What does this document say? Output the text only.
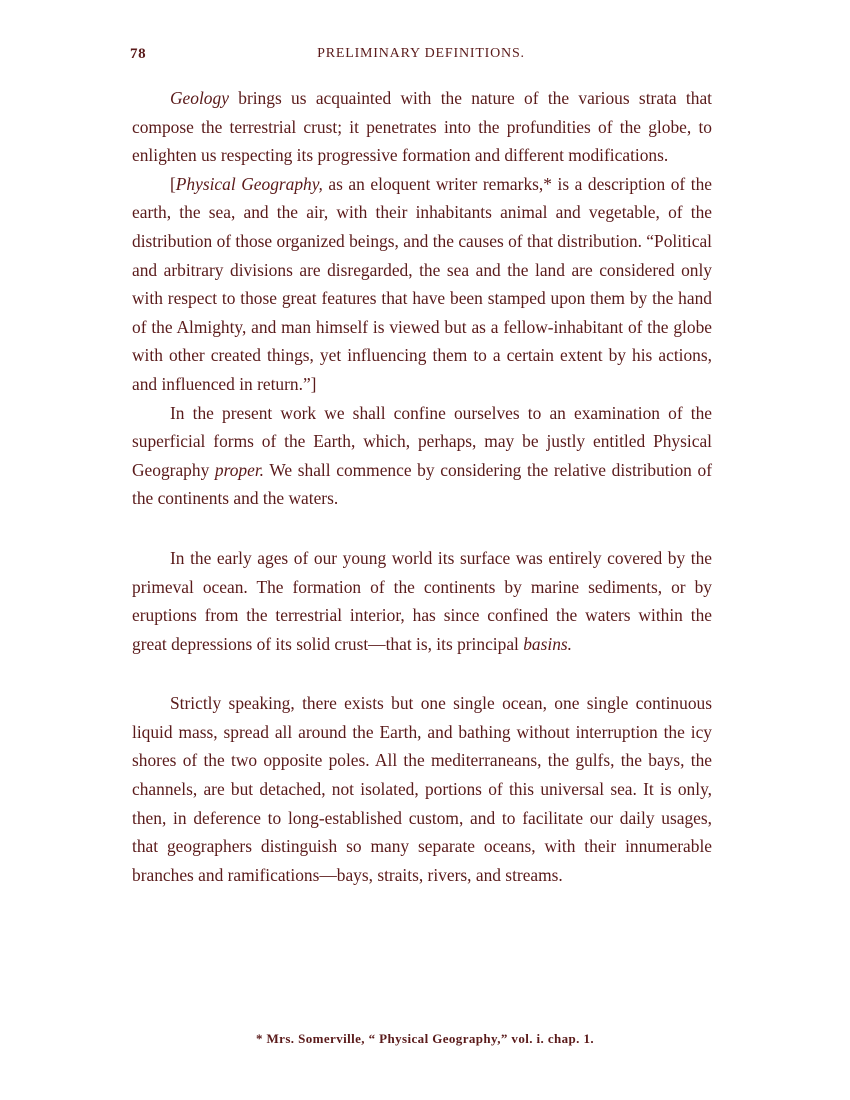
78	PRELIMINARY DEFINITIONS.

Geology brings us acquainted with the nature of the various strata that compose the terrestrial crust; it penetrates into the profundities of the globe, to enlighten us respecting its progressive formation and different modifications.

[Physical Geography, as an eloquent writer remarks,* is a description of the earth, the sea, and the air, with their inhabitants animal and vegetable, of the distribution of those organized beings, and the causes of that distribution. “Political and arbitrary divisions are disregarded, the sea and the land are considered only with respect to those great features that have been stamped upon them by the hand of the Almighty, and man himself is viewed but as a fellow-inhabitant of the globe with other created things, yet influencing them to a certain extent by his actions, and influenced in return.”]

In the present work we shall confine ourselves to an examination of the superficial forms of the Earth, which, perhaps, may be justly entitled Physical Geography proper. We shall commence by considering the relative distribution of the continents and the waters.

In the early ages of our young world its surface was entirely covered by the primeval ocean. The formation of the continents by marine sediments, or by eruptions from the terrestrial interior, has since confined the waters within the great depressions of its solid crust—that is, its principal basins.

Strictly speaking, there exists but one single ocean, one single continuous liquid mass, spread all around the Earth, and bathing without interruption the icy shores of the two opposite poles. All the mediterraneans, the gulfs, the bays, the channels, are but detached, not isolated, portions of this universal sea. It is only, then, in deference to long-established custom, and to facilitate our daily usages, that geographers distinguish so many separate oceans, with their innumerable branches and ramifications—bays, straits, rivers, and streams.

* Mrs. Somerville, “ Physical Geography,” vol. i. chap. 1.
